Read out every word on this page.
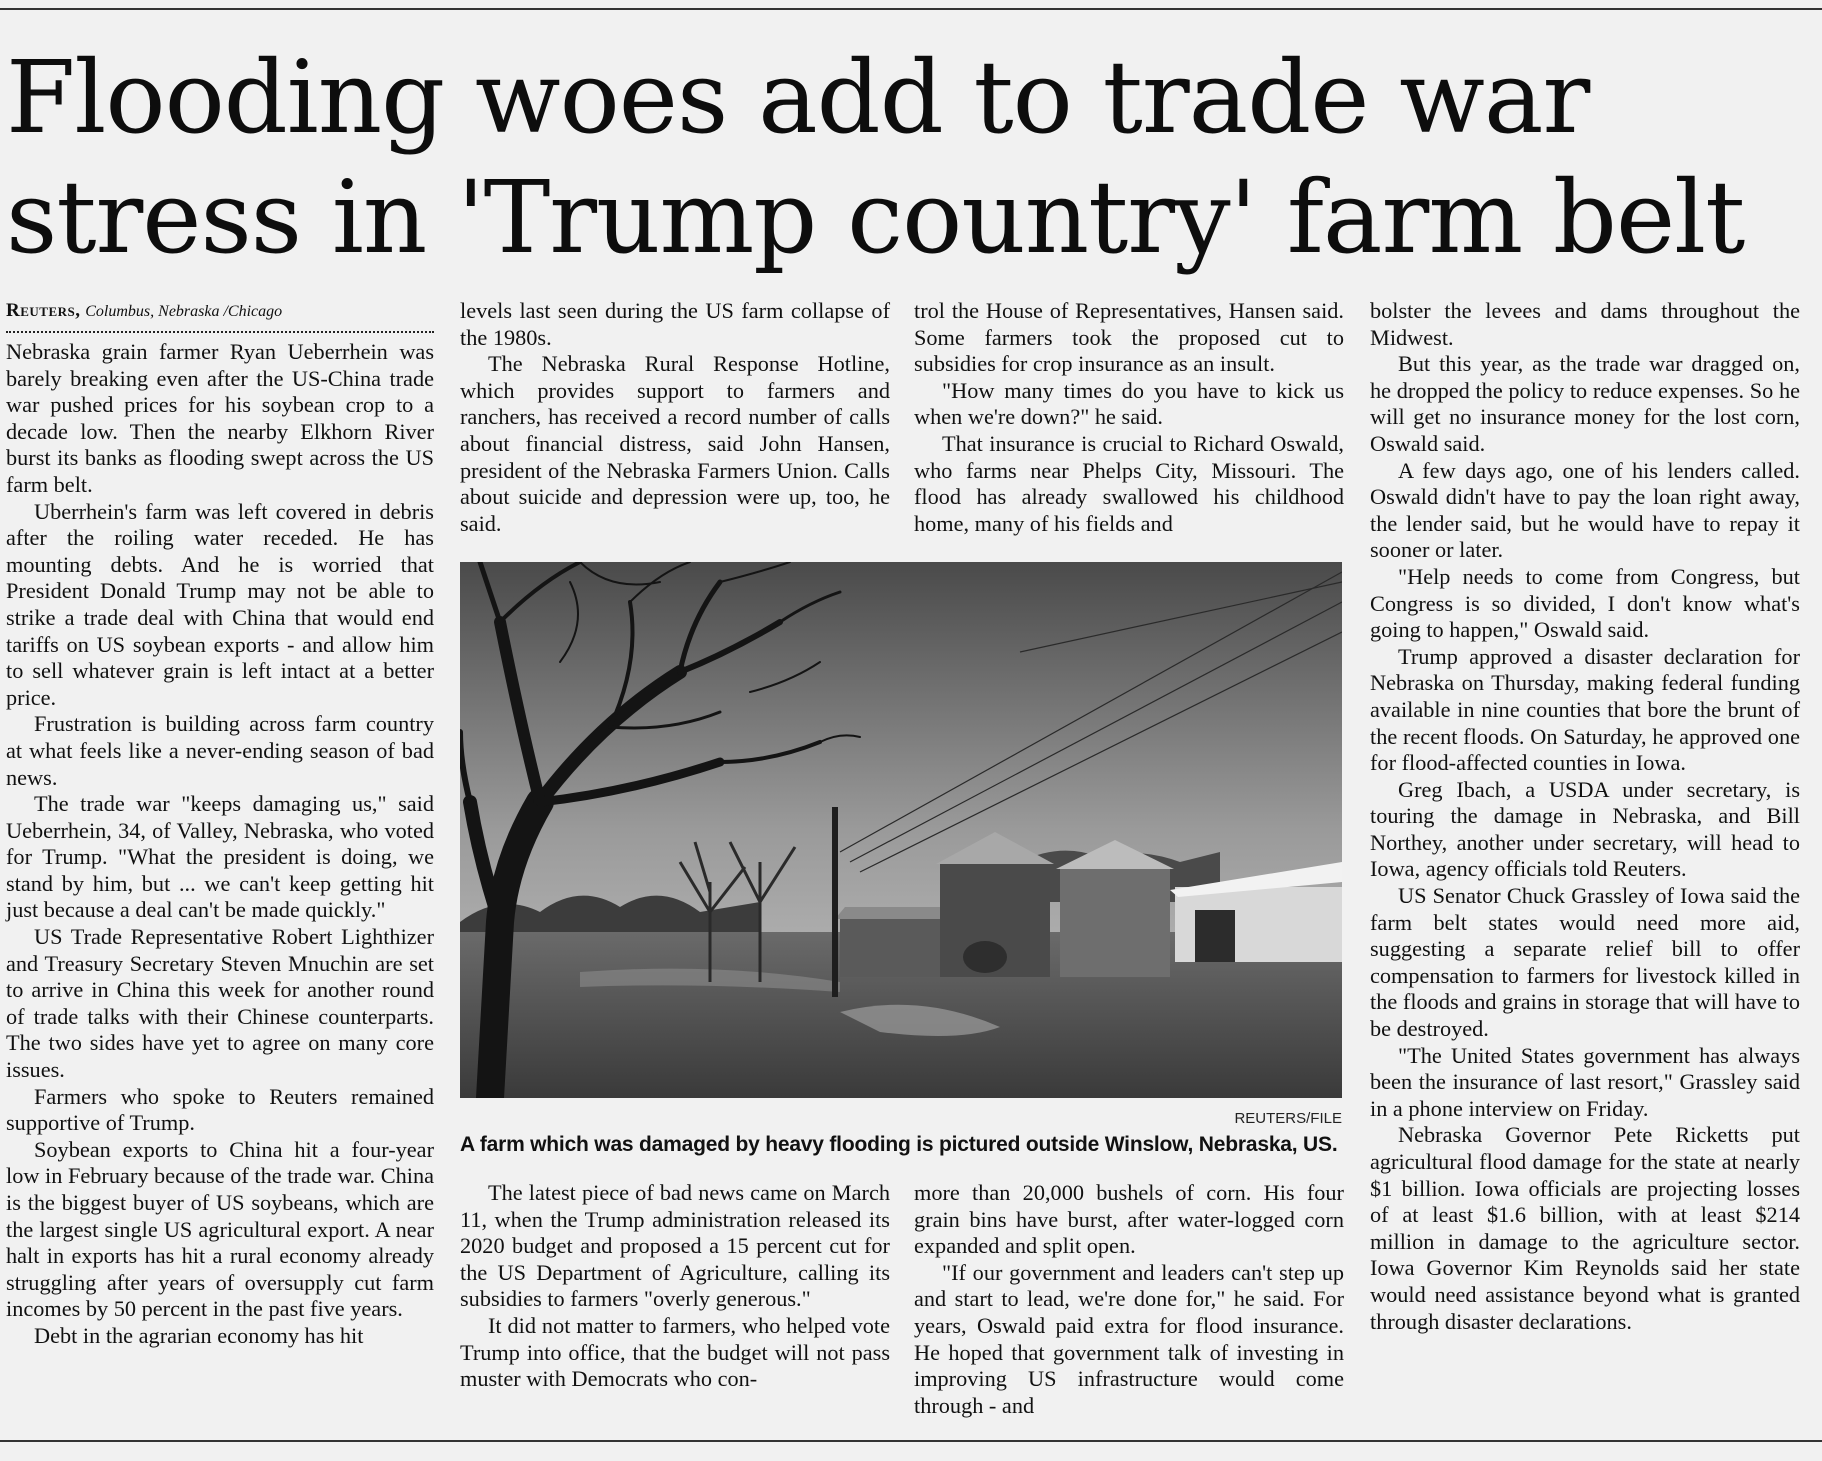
Flooding woes add to trade war
stress in 'Trump country' farm belt
Reuters, Columbus, Nebraska /Chicago

Nebraska grain farmer Ryan Ueberrhein was barely breaking even after the US-China trade war pushed prices for his soybean crop to a decade low. Then the nearby Elkhorn River burst its banks as flooding swept across the US farm belt.

Uberrhein's farm was left covered in debris after the roiling water receded. He has mounting debts. And he is worried that President Donald Trump may not be able to strike a trade deal with China that would end tariffs on US soybean exports - and allow him to sell whatever grain is left intact at a better price.

Frustration is building across farm country at what feels like a never-ending season of bad news.

The trade war "keeps damaging us," said Ueberrhein, 34, of Valley, Nebraska, who voted for Trump. "What the president is doing, we stand by him, but ... we can't keep getting hit just because a deal can't be made quickly."

US Trade Representative Robert Lighthizer and Treasury Secretary Steven Mnuchin are set to arrive in China this week for another round of trade talks with their Chinese counterparts. The two sides have yet to agree on many core issues.

Farmers who spoke to Reuters remained supportive of Trump.

Soybean exports to China hit a four-year low in February because of the trade war. China is the biggest buyer of US soybeans, which are the largest single US agricultural export. A near halt in exports has hit a rural economy already struggling after years of oversupply cut farm incomes by 50 percent in the past five years.

Debt in the agrarian economy has hit

levels last seen during the US farm collapse of the 1980s.

The Nebraska Rural Response Hotline, which provides support to farmers and ranchers, has received a record number of calls about financial distress, said John Hansen, president of the Nebraska Farmers Union. Calls about suicide and depression were up, too, he said.

trol the House of Representatives, Hansen said. Some farmers took the proposed cut to subsidies for crop insurance as an insult.

"How many times do you have to kick us when we're down?" he said.

That insurance is crucial to Richard Oswald, who farms near Phelps City, Missouri. The flood has already swallowed his childhood home, many of his fields and

REUTERS/FILE
A farm which was damaged by heavy flooding is pictured outside Winslow, Nebraska, US.

The latest piece of bad news came on March 11, when the Trump administration released its 2020 budget and proposed a 15 percent cut for the US Department of Agriculture, calling its subsidies to farmers "overly generous."

It did not matter to farmers, who helped vote Trump into office, that the budget will not pass muster with Democrats who con-

more than 20,000 bushels of corn. His four grain bins have burst, after water-logged corn expanded and split open.

"If our government and leaders can't step up and start to lead, we're done for," he said. For years, Oswald paid extra for flood insurance. He hoped that government talk of investing in improving US infrastructure would come through - and

bolster the levees and dams throughout the Midwest.

But this year, as the trade war dragged on, he dropped the policy to reduce expenses. So he will get no insurance money for the lost corn, Oswald said.

A few days ago, one of his lenders called. Oswald didn't have to pay the loan right away, the lender said, but he would have to repay it sooner or later.

"Help needs to come from Congress, but Congress is so divided, I don't know what's going to happen," Oswald said.

Trump approved a disaster declaration for Nebraska on Thursday, making federal funding available in nine counties that bore the brunt of the recent floods. On Saturday, he approved one for flood-affected counties in Iowa.

Greg Ibach, a USDA under secretary, is touring the damage in Nebraska, and Bill Northey, another under secretary, will head to Iowa, agency officials told Reuters.

US Senator Chuck Grassley of Iowa said the farm belt states would need more aid, suggesting a separate relief bill to offer compensation to farmers for livestock killed in the floods and grains in storage that will have to be destroyed.

"The United States government has always been the insurance of last resort," Grassley said in a phone interview on Friday.

Nebraska Governor Pete Ricketts put agricultural flood damage for the state at nearly $1 billion. Iowa officials are projecting losses of at least $1.6 billion, with at least $214 million in damage to the agriculture sector. Iowa Governor Kim Reynolds said her state would need assistance beyond what is granted through disaster declarations.
